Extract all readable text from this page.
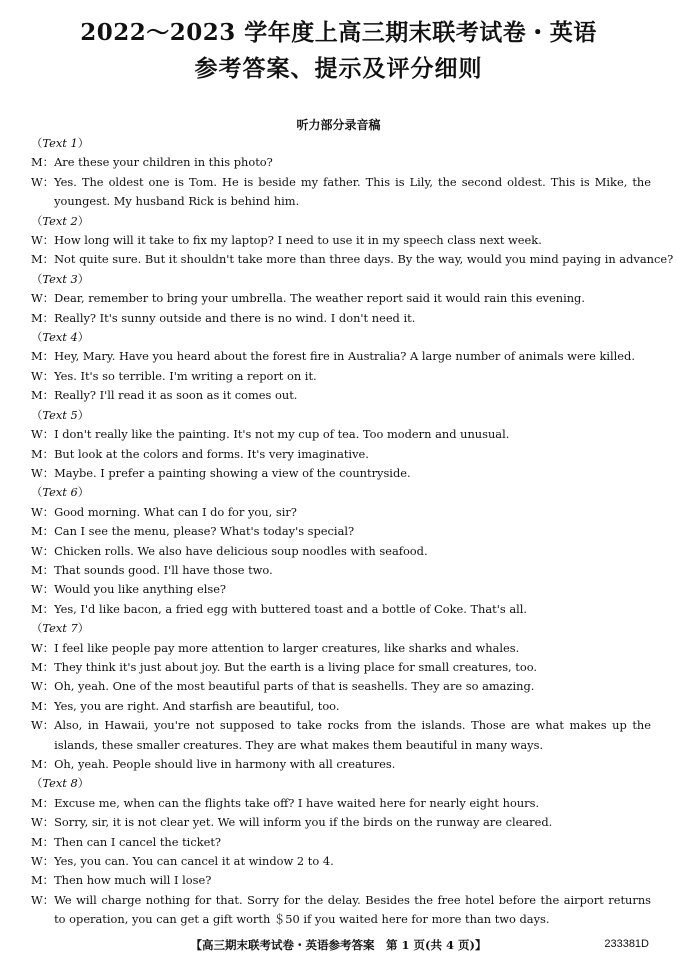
2022～2023 学年度上高三期末联考试卷・英语
参考答案、提示及评分细则
听力部分录音稿
（ Text 1 ）
M： Are these your children in this photo?
W： Yes. The oldest one is Tom. He is beside my father. This is Lily, the second oldest. This is Mike, the youngest. My husband Rick is behind him.
（ Text 2 ）
W： How long will it take to fix my laptop? I need to use it in my speech class next week.
M： Not quite sure. But it shouldn't take more than three days. By the way, would you mind paying in advance?
（ Text 3 ）
W： Dear, remember to bring your umbrella. The weather report said it would rain this evening.
M： Really? It's sunny outside and there is no wind. I don't need it.
（ Text 4 ）
M： Hey, Mary. Have you heard about the forest fire in Australia? A large number of animals were killed.
W： Yes. It's so terrible. I'm writing a report on it.
M： Really? I'll read it as soon as it comes out.
（ Text 5 ）
W： I don't really like the painting. It's not my cup of tea. Too modern and unusual.
M： But look at the colors and forms. It's very imaginative.
W： Maybe. I prefer a painting showing a view of the countryside.
（ Text 6 ）
W： Good morning. What can I do for you, sir?
M： Can I see the menu, please? What's today's special?
W： Chicken rolls. We also have delicious soup noodles with seafood.
M： That sounds good. I'll have those two.
W： Would you like anything else?
M： Yes, I'd like bacon, a fried egg with buttered toast and a bottle of Coke. That's all.
（ Text 7 ）
W： I feel like people pay more attention to larger creatures, like sharks and whales.
M： They think it's just about joy. But the earth is a living place for small creatures, too.
W： Oh, yeah. One of the most beautiful parts of that is seashells. They are so amazing.
M： Yes, you are right. And starfish are beautiful, too.
W： Also, in Hawaii, you're not supposed to take rocks from the islands. Those are what makes up the islands, these smaller creatures. They are what makes them beautiful in many ways.
M： Oh, yeah. People should live in harmony with all creatures.
（ Text 8 ）
M： Excuse me, when can the flights take off? I have waited here for nearly eight hours.
W： Sorry, sir, it is not clear yet. We will inform you if the birds on the runway are cleared.
M： Then can I cancel the ticket?
W： Yes, you can. You can cancel it at window 2 to 4.
M： Then how much will I lose?
W： We will charge nothing for that. Sorry for the delay. Besides the free hotel before the airport returns to operation, you can get a gift worth ＄50 if you waited here for more than two days.
【高三期末联考试卷・英语参考答案　第 1 页(共 4 页)】	233381D
